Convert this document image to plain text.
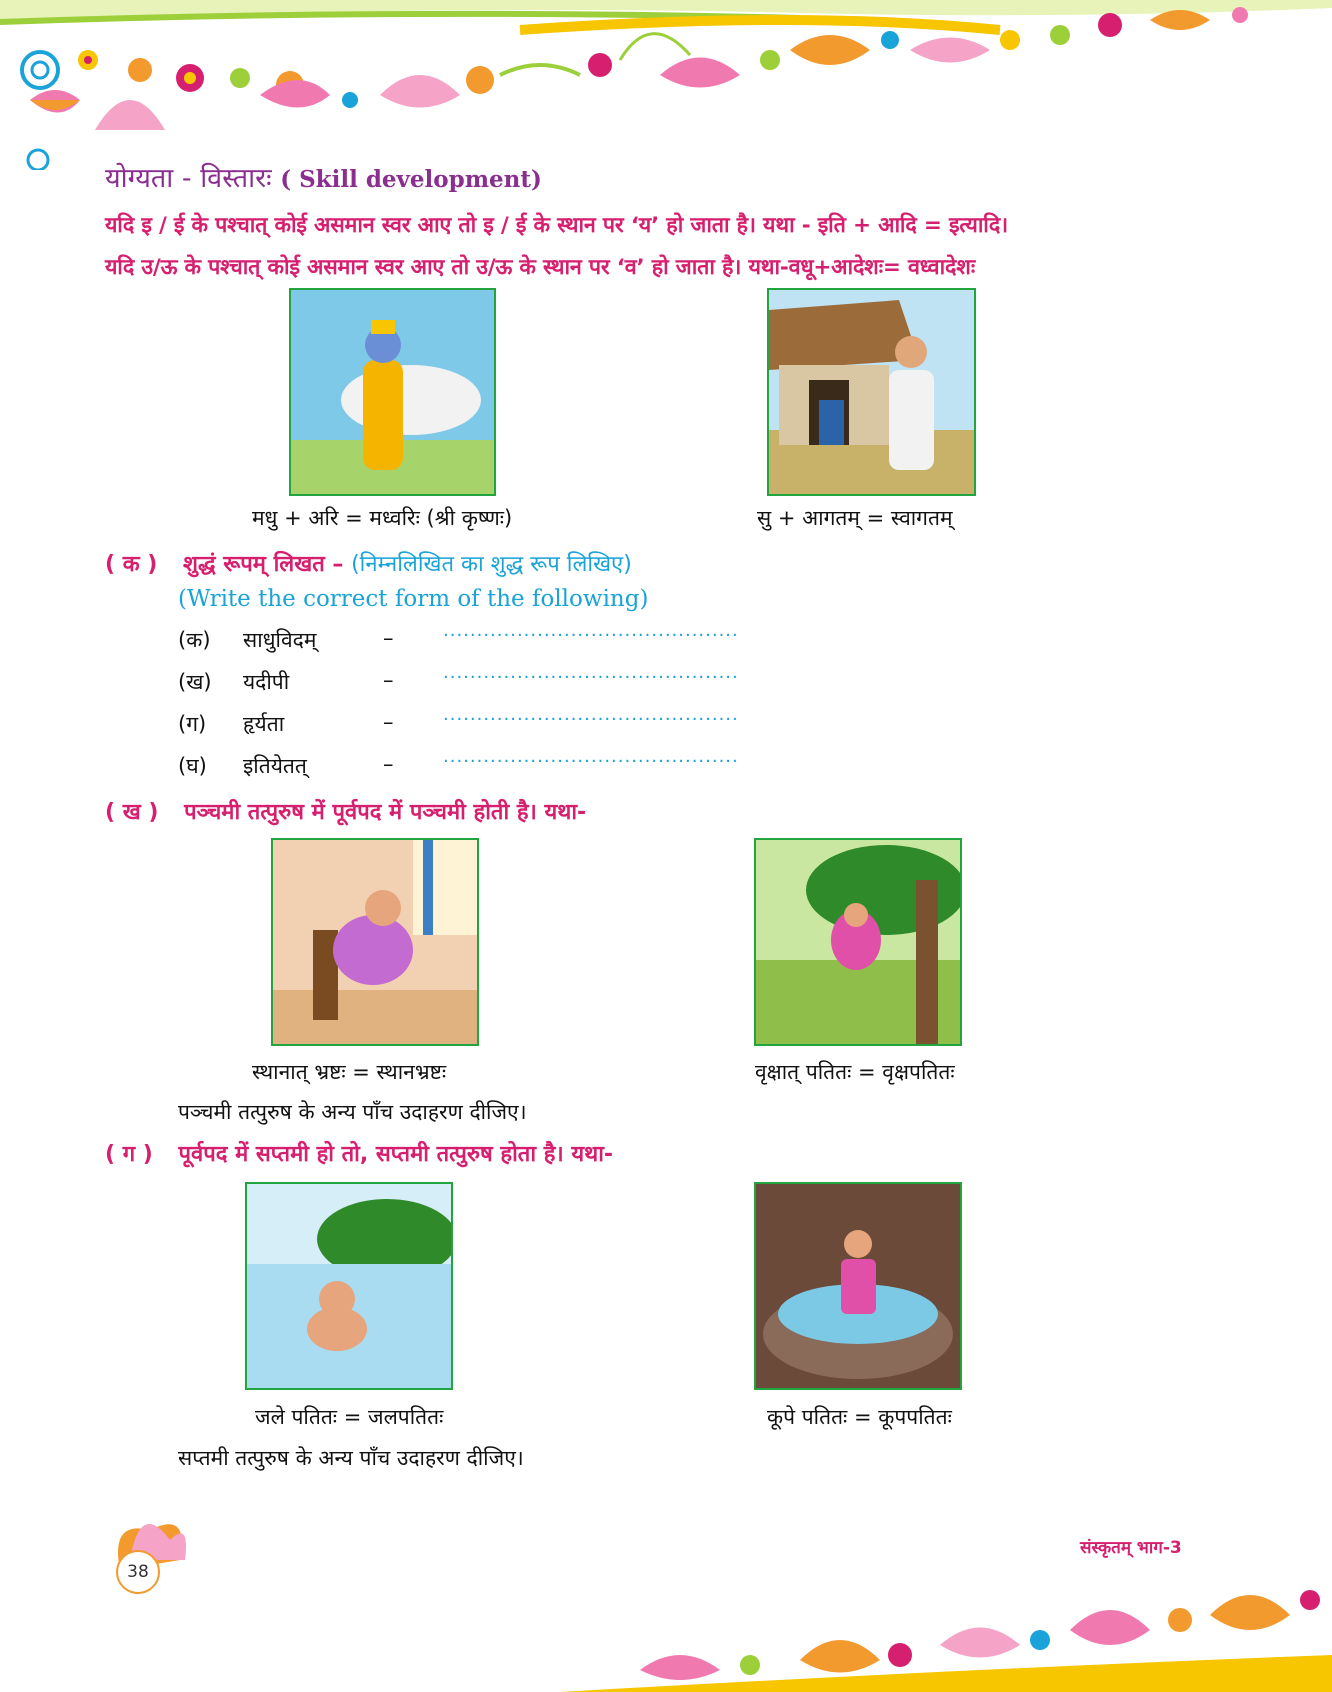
योग्यता - विस्तारः ( Skill development)
यदि इ / ई के पश्चात् कोई असमान स्वर आए तो इ / ई के स्थान पर ‘य’ हो जाता है। यथा - इति + आदि = इत्यादि।
यदि उ/ऊ के पश्चात् कोई असमान स्वर आए तो उ/ऊ के स्थान पर ‘व’ हो जाता है। यथा-वधू+आदेशः= वध्वादेशः
मधु + अरि = मध्वरिः (श्री कृष्णः)	सु + आगतम् = स्वागतम्
( क ) शुद्धं रूपम् लिखत – (निम्नलिखित का शुद्ध रूप लिखिए)
(Write the correct form of the following)
(क) साधुविदम्	–	............................................
(ख) यदीपी	–	............................................
(ग) हृर्यता	–	............................................
(घ) इतियेतत्	–	............................................
( ख ) पञ्चमी तत्पुरुष में पूर्वपद में पञ्चमी होती है। यथा-
स्थानात् भ्रष्टः = स्थानभ्रष्टः	वृक्षात् पतितः = वृक्षपतितः
पञ्चमी तत्पुरुष के अन्य पाँच उदाहरण दीजिए।
( ग ) पूर्वपद में सप्तमी हो तो, सप्तमी तत्पुरुष होता है। यथा-
जले पतितः = जलपतितः	कूपे पतितः = कूपपतितः
सप्तमी तत्पुरुष के अन्य पाँच उदाहरण दीजिए।
38
संस्कृतम् भाग-3
